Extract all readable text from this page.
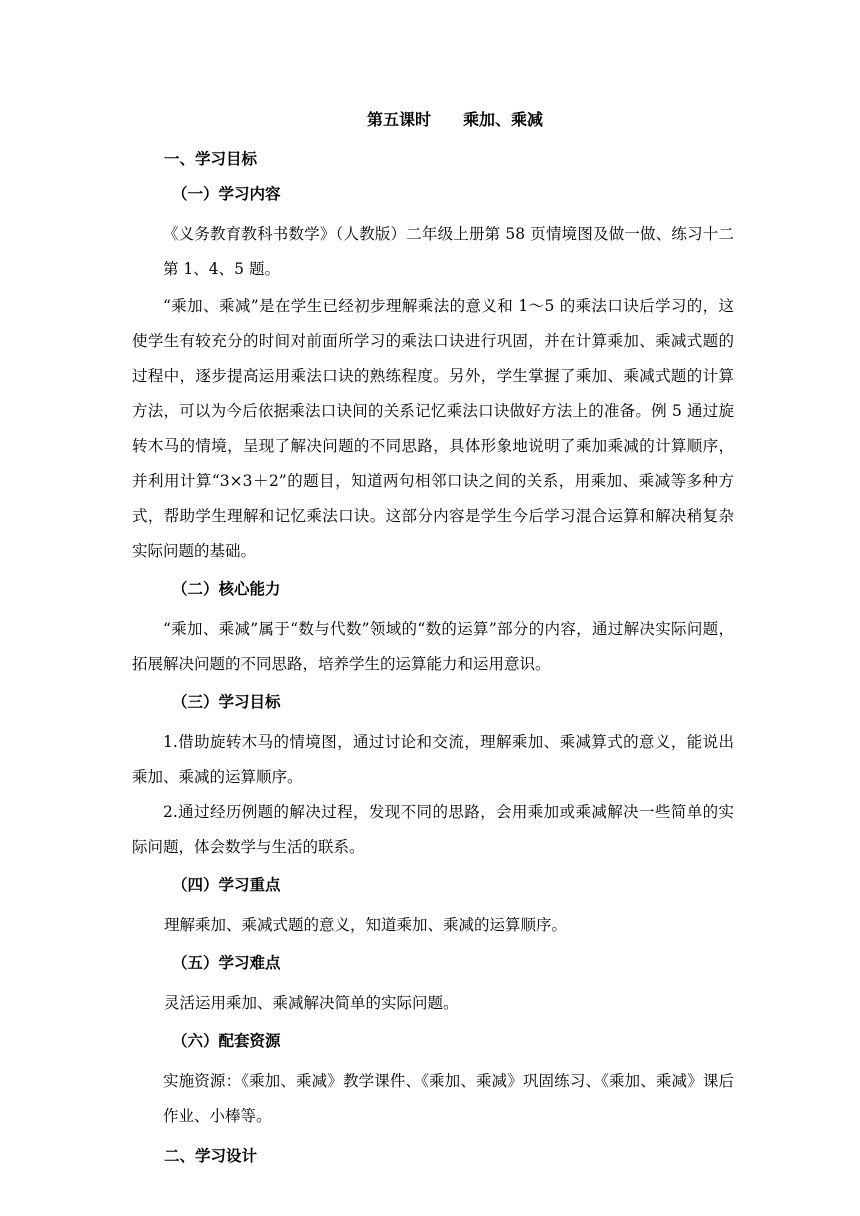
第五课时　　乘加、乘减
一、学习目标
（一）学习内容

《义务教育教科书数学》（人教版）二年级上册第 58 页情境图及做一做、练习十二第 1、4、5 题。

“乘加、乘减”是在学生已经初步理解乘法的意义和 1～5 的乘法口诀后学习的，这使学生有较充分的时间对前面所学习的乘法口诀进行巩固，并在计算乘加、乘减式题的过程中，逐步提高运用乘法口诀的熟练程度。另外，学生掌握了乘加、乘减式题的计算方法，可以为今后依据乘法口诀间的关系记忆乘法口诀做好方法上的准备。例 5 通过旋转木马的情境，呈现了解决问题的不同思路，具体形象地说明了乘加乘减的计算顺序，并利用计算“3×3＋2”的题目，知道两句相邻口诀之间的关系，用乘加、乘减等多种方式，帮助学生理解和记忆乘法口诀。这部分内容是学生今后学习混合运算和解决稍复杂实际问题的基础。

（二）核心能力

“乘加、乘减”属于“数与代数”领域的“数的运算”部分的内容，通过解决实际问题，拓展解决问题的不同思路，培养学生的运算能力和运用意识。

（三）学习目标

1.借助旋转木马的情境图，通过讨论和交流，理解乘加、乘减算式的意义，能说出乘加、乘减的运算顺序。

2.通过经历例题的解决过程，发现不同的思路，会用乘加或乘减解决一些简单的实际问题，体会数学与生活的联系。

（四）学习重点

理解乘加、乘减式题的意义，知道乘加、乘减的运算顺序。

（五）学习难点

灵活运用乘加、乘减解决简单的实际问题。

（六）配套资源

实施资源：《乘加、乘减》教学课件、《乘加、乘减》巩固练习、《乘加、乘减》课后作业、小棒等。

二、学习设计
